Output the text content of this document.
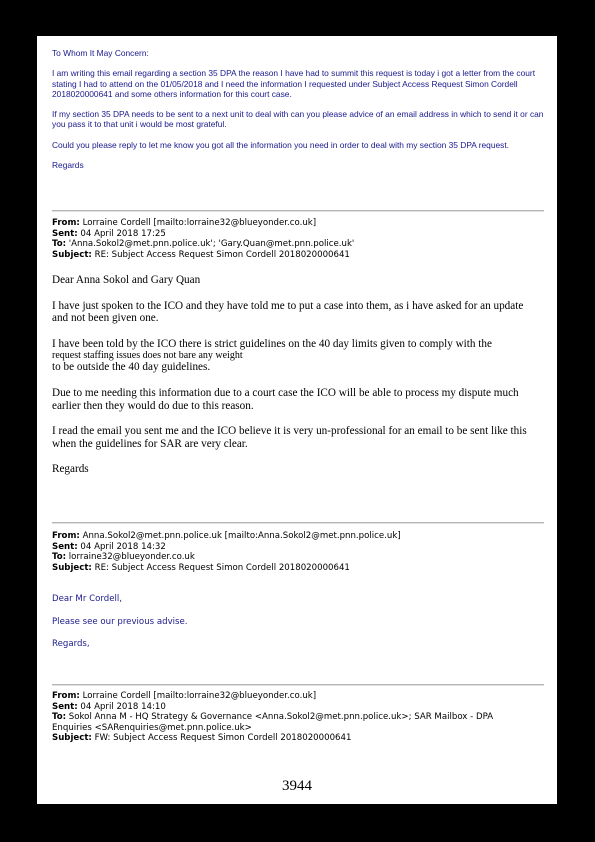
To Whom It May Concern:

I am writing this email regarding a section 35 DPA the reason I have had to summit this request is today i got a letter from the court stating I had to attend on the 01/05/2018 and I need the information I requested under Subject Access Request Simon Cordell 2018020000641 and some others information for this court case.

If my section 35 DPA needs to be sent to a next unit to deal with can you please advice of an email address in which to send it or can you pass it to that unit i would be most grateful.

Could you please reply to let me know you got all the information you need in order to deal with my section 35 DPA request.

Regards

From: Lorraine Cordell [mailto:lorraine32@blueyonder.co.uk]

Sent: 04 April 2018 17:25

To: 'Anna.Sokol2@met.pnn.police.uk'; 'Gary.Quan@met.pnn.police.uk'

Subject: RE: Subject Access Request Simon Cordell 2018020000641

Dear Anna Sokol and Gary Quan

I have just spoken to the ICO and they have told me to put a case into them, as i have asked for an update and not been given one.

I have been told by the ICO there is strict guidelines on the 40 day limits given to comply with the

request staffing issues does not bare any weight

to be outside the 40 day guidelines.

Due to me needing this information due to a court case the ICO will be able to process my dispute much earlier then they would do due to this reason.

I read the email you sent me and the ICO believe it is very un-professional for an email to be sent like this when the guidelines for SAR are very clear.

Regards

From: Anna.Sokol2@met.pnn.police.uk [mailto:Anna.Sokol2@met.pnn.police.uk]

Sent: 04 April 2018 14:32

To: lorraine32@blueyonder.co.uk

Subject: RE: Subject Access Request Simon Cordell 2018020000641

Dear Mr Cordell,

Please see our previous advise.

Regards,

From: Lorraine Cordell [mailto:lorraine32@blueyonder.co.uk]

Sent: 04 April 2018 14:10

To: Sokol Anna M - HQ Strategy & Governance <Anna.Sokol2@met.pnn.police.uk>; SAR Mailbox - DPA

Enquiries <SARenquiries@met.pnn.police.uk>

Subject: FW: Subject Access Request Simon Cordell 2018020000641

3944
